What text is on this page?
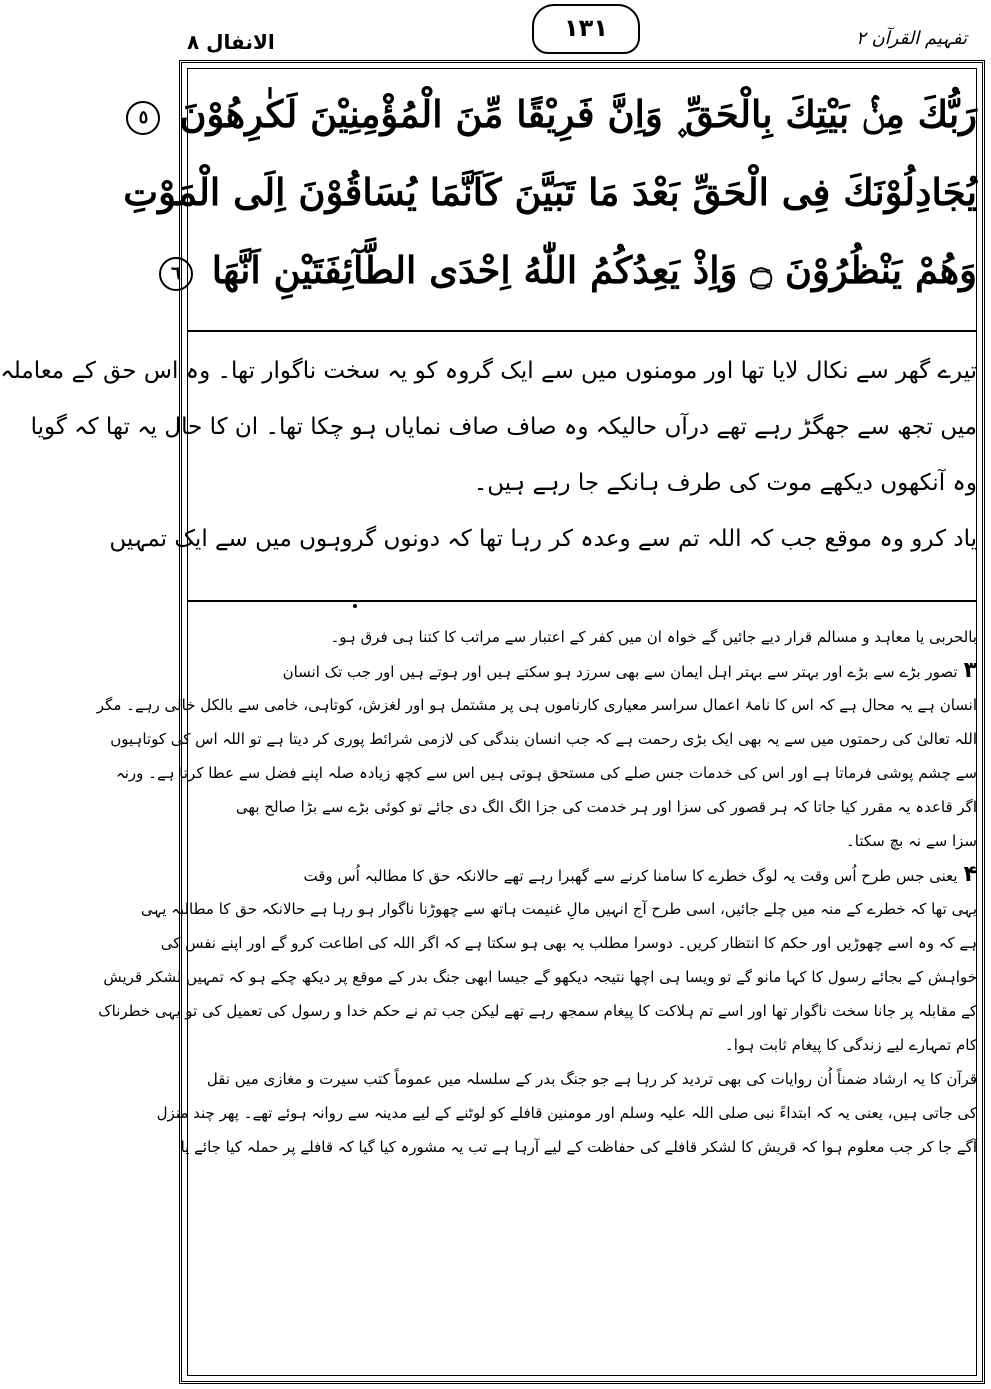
الانفال ٨	١٣١	تفہیم القرآن ۲
رَبُّكَ مِنْۢ بَيْتِكَ بِالْحَقِّ ۪ وَاِنَّ فَرِيْقًا مِّنَ الْمُؤْمِنِيْنَ لَكٰرِهُوْنَ ٥
يُجَادِلُوْنَكَ فِى الْحَقِّ بَعْدَ مَا تَبَيَّنَ كَاَنَّمَا يُسَاقُوْنَ اِلَى الْمَوْتِ
وَهُمْ يَنْظُرُوْنَ ۝ وَاِذْ يَعِدُكُمُ اللّٰهُ اِحْدَى الطَّآئِفَتَيْنِ اَنَّهَا ٦
تیرے گھر سے نکال لایا تھا اور مومنوں میں سے ایک گروہ کو یہ سخت ناگوار تھا۔ وہ اس حق کے معاملہ
میں تجھ سے جھگڑ رہے تھے درآں حالیکہ وہ صاف صاف نمایاں ہو چکا تھا۔ ان کا حال یہ تھا کہ گویا
وہ آنکھوں دیکھے موت کی طرف ہانکے جا رہے ہیں۔
یاد کرو وہ موقع جب کہ اللہ تم سے وعدہ کر رہا تھا کہ دونوں گروہوں میں سے ایک تمہیں
بالحربی یا معاہد و مسالم قرار دیے جائیں گے خواہ ان میں کفر کے اعتبار سے مراتب کا کتنا ہی فرق ہو۔
۳تصور بڑے سے بڑے اور بہتر سے بہتر اہل ایمان سے بھی سرزد ہو سکتے ہیں اور ہوتے ہیں اور جب تک انسان
انسان ہے یہ محال ہے کہ اس کا نامۂ اعمال سراسر معیاری کارناموں ہی پر مشتمل ہو اور لغزش، کوتاہی، خامی سے بالکل خالی رہے۔ مگر
اللہ تعالیٰ کی رحمتوں میں سے یہ بھی ایک بڑی رحمت ہے کہ جب انسان بندگی کی لازمی شرائط پوری کر دیتا ہے تو اللہ اس کی کوتاہیوں
سے چشم پوشی فرماتا ہے اور اس کی خدمات جس صلے کی مستحق ہوتی ہیں اس سے کچھ زیادہ صلہ اپنے فضل سے عطا کرتا ہے۔ ورنہ
اگر قاعدہ یہ مقرر کیا جاتا کہ ہر قصور کی سزا اور ہر خدمت کی جزا الگ الگ دی جائے تو کوئی بڑے سے بڑا صالح بھی
سزا سے نہ بچ سکتا۔
۴یعنی جس طرح اُس وقت یہ لوگ خطرے کا سامنا کرنے سے گھبرا رہے تھے حالانکہ حق کا مطالبہ اُس وقت
یہی تھا کہ خطرے کے منہ میں چلے جائیں، اسی طرح آج انہیں مالِ غنیمت ہاتھ سے چھوڑنا ناگوار ہو رہا ہے حالانکہ حق کا مطالبہ یہی
ہے کہ وہ اسے چھوڑیں اور حکم کا انتظار کریں۔ دوسرا مطلب یہ بھی ہو سکتا ہے کہ اگر اللہ کی اطاعت کرو گے اور اپنے نفس کی
خواہش کے بجائے رسول کا کہا مانو گے تو ویسا ہی اچھا نتیجہ دیکھو گے جیسا ابھی جنگ بدر کے موقع پر دیکھ چکے ہو کہ تمہیں لشکر قریش
کے مقابلہ پر جانا سخت ناگوار تھا اور اسے تم ہلاکت کا پیغام سمجھ رہے تھے لیکن جب تم نے حکم خدا و رسول کی تعمیل کی تو یہی خطرناک
کام تمہارے لیے زندگی کا پیغام ثابت ہوا۔
قرآن کا یہ ارشاد ضمناً اُن روایات کی بھی تردید کر رہا ہے جو جنگ بدر کے سلسلہ میں عموماً کتب سیرت و مغازی میں نقل
کی جاتی ہیں، یعنی یہ کہ ابتداءً نبی صلی اللہ علیہ وسلم اور مومنین قافلے کو لوٹنے کے لیے مدینہ سے روانہ ہوئے تھے۔ پھر چند منزل
آگے جا کر جب معلوم ہوا کہ قریش کا لشکر قافلے کی حفاظت کے لیے آرہا ہے تب یہ مشورہ کیا گیا کہ قافلے پر حملہ کیا جائے یا
